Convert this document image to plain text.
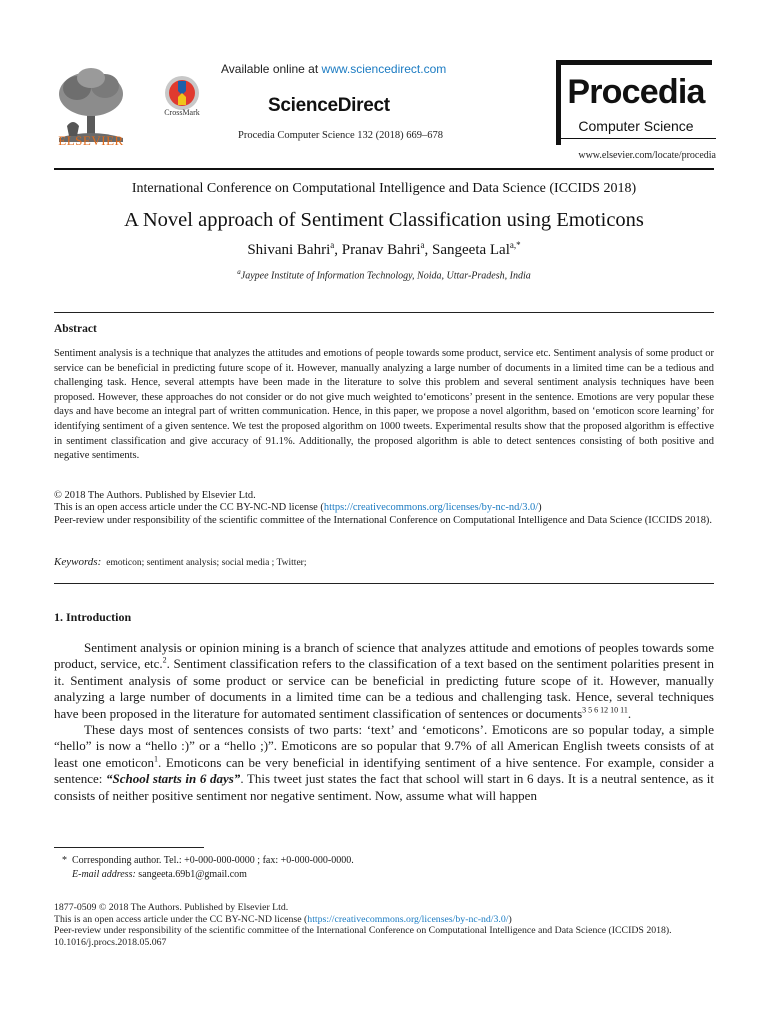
ELSEVIER
CrossMark
Available online at www.sciencedirect.com
ScienceDirect
Procedia Computer Science 132 (2018) 669–678
Procedia
Computer Science
www.elsevier.com/locate/procedia
International Conference on Computational Intelligence and Data Science (ICCIDS 2018)
A Novel approach of Sentiment Classification using Emoticons
Shivani Bahri$^a$, Pranav Bahri$^a$, Sangeeta Lal$^{a,*}$
$^a$Jaypee Institute of Information Technology, Noida, Uttar-Pradesh, India
Abstract
Sentiment analysis is a technique that analyzes the attitudes and emotions of people towards some product, service etc. Sentiment analysis of some product or service can be beneficial in predicting future scope of it. However, manually analyzing a large number of documents in a limited time can be a tedious and challenging task. Hence, several attempts have been made in the literature to solve this problem and several sentiment analysis techniques have been proposed. However, these approaches do not consider or do not give much weighted to‘emoticons’ present in the sentence. Emotions are very popular these days and have become an integral part of written communication. Hence, in this paper, we propose a novel algorithm, based on ‘emoticon score learning’ for identifying sentiment of a given sentence. We test the proposed algorithm on 1000 tweets. Experimental results show that the proposed algorithm is effective in sentiment classification and give accuracy of 91.1%. Additionally, the proposed algorithm is able to detect sentences consisting of both positive and negative sentiments.
© 2018 The Authors. Published by Elsevier Ltd.
This is an open access article under the CC BY-NC-ND license (https://creativecommons.org/licenses/by-nc-nd/3.0/)
Peer-review under responsibility of the scientific committee of the International Conference on Computational Intelligence and Data Science (ICCIDS 2018).
Keywords: emoticon; sentiment analysis; social media ; Twitter;
1. Introduction

Sentiment analysis or opinion mining is a branch of science that analyzes attitude and emotions of peoples towards some product, service, etc.$^2$. Sentiment classification refers to the classification of a text based on the sentiment polarities present in it. Sentiment analysis of some product or service can be beneficial in predicting future scope of it. However, manually analyzing a large number of documents in a limited time can be a tedious and challenging task. Hence, several techniques have been proposed in the literature for automated sentiment classification of sentences or documents$^{3 5 6 12 10 11}$.

These days most of sentences consists of two parts: ‘text’ and ‘emoticons’. Emoticons are so popular today, a simple “hello” is now a “hello :)” or a “hello ;)”. Emoticons are so popular that 9.7% of all American English tweets consists of at least one emoticon$^1$. Emoticons can be very beneficial in identifying sentiment of a hive sentence. For example, consider a sentence: “School starts in 6 days”. This tweet just states the fact that school will start in 6 days. It is a neutral sentence, as it consists of neither positive sentiment nor negative sentiment. Now, assume what will happen

* Corresponding author. Tel.: +0-000-000-0000 ; fax: +0-000-000-0000.
E-mail address: sangeeta.69b1@gmail.com
1877-0509 © 2018 The Authors. Published by Elsevier Ltd.
This is an open access article under the CC BY-NC-ND license (https://creativecommons.org/licenses/by-nc-nd/3.0/)
Peer-review under responsibility of the scientific committee of the International Conference on Computational Intelligence and Data Science (ICCIDS 2018).
10.1016/j.procs.2018.05.067
